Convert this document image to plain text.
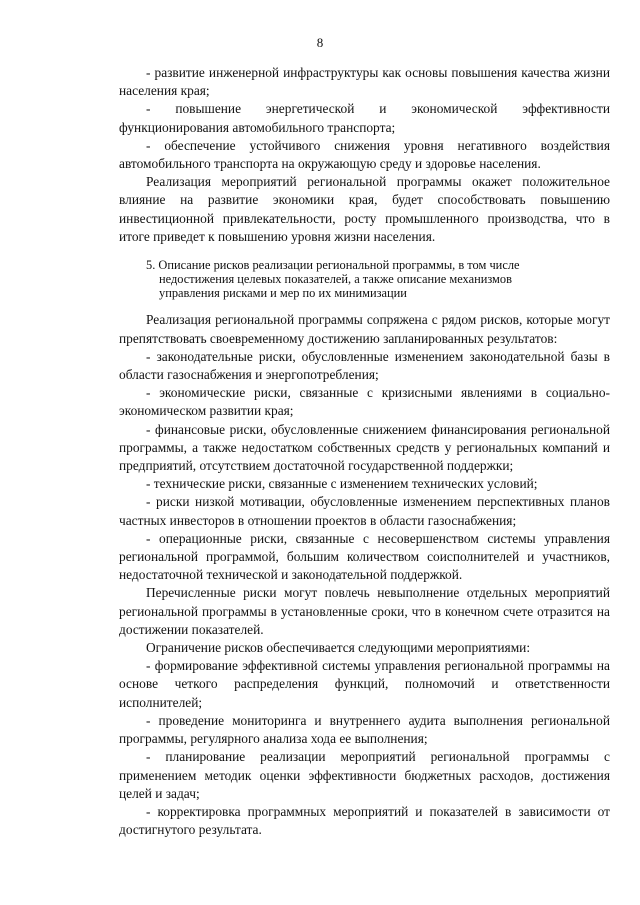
8

- развитие инженерной инфраструктуры как основы повышения качества жизни населения края;

- повышение энергетической и экономической эффективности функционирования автомобильного транспорта;

- обеспечение устойчивого снижения уровня негативного воздействия автомобильного транспорта на окружающую среду и здоровье населения.

Реализация мероприятий региональной программы окажет положительное влияние на развитие экономики края, будет способствовать повышению инвестиционной привлекательности, росту промышленного производства, что в итоге приведет к повышению уровня жизни населения.

5. Описание рисков реализации региональной программы, в том числе

недостижения целевых показателей, а также описание механизмов

управления рисками и мер по их минимизации

Реализация региональной программы сопряжена с рядом рисков, которые могут препятствовать своевременному достижению запланированных результатов:

- законодательные риски, обусловленные изменением законодательной базы в области газоснабжения и энергопотребления;

- экономические риски, связанные с кризисными явлениями в социально-экономическом развитии края;

- финансовые риски, обусловленные снижением финансирования региональной программы, а также недостатком собственных средств у региональных компаний и предприятий, отсутствием достаточной государственной поддержки;

- технические риски, связанные с изменением технических условий;

- риски низкой мотивации, обусловленные изменением перспективных планов частных инвесторов в отношении проектов в области газоснабжения;

- операционные риски, связанные с несовершенством системы управления региональной программой, большим количеством соисполнителей и участников, недостаточной технической и законодательной поддержкой.

Перечисленные риски могут повлечь невыполнение отдельных мероприятий региональной программы в установленные сроки, что в конечном счете отразится на достижении показателей.

Ограничение рисков обеспечивается следующими мероприятиями:

- формирование эффективной системы управления региональной программы на основе четкого распределения функций, полномочий и ответственности исполнителей;

- проведение мониторинга и внутреннего аудита выполнения региональной программы, регулярного анализа хода ее выполнения;

- планирование реализации мероприятий региональной программы с применением методик оценки эффективности бюджетных расходов, достижения целей и задач;

- корректировка программных мероприятий и показателей в зависимости от достигнутого результата.
